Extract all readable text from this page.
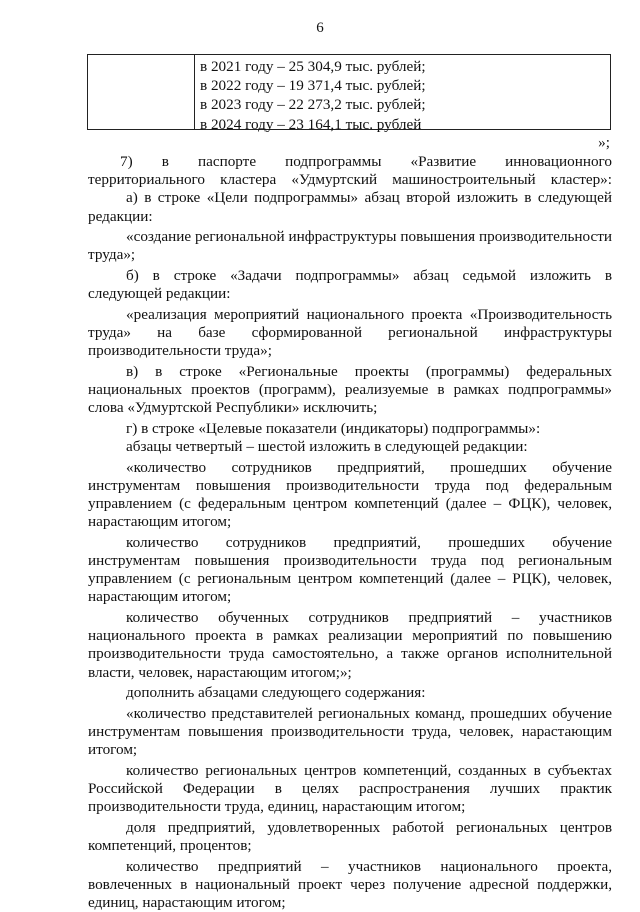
6
в 2021 году – 25 304,9 тыс. рублей;
в 2022 году – 19 371,4 тыс. рублей;
в 2023 году – 22 273,2 тыс. рублей;
в 2024 году – 23 164,1 тыс. рублей
»;
7) в паспорте подпрограммы «Развитие инновационного
территориального кластера «Удмуртский машиностроительный кластер»:
а) в строке «Цели подпрограммы» абзац второй изложить в следующей
редакции:
«создание региональной инфраструктуры повышения производительности
труда»;
б) в строке «Задачи подпрограммы» абзац седьмой изложить в
следующей редакции:
«реализация мероприятий национального проекта «Производительность
труда» на базе сформированной региональной инфраструктуры
производительности труда»;
в) в строке «Региональные проекты (программы) федеральных
национальных проектов (программ), реализуемые в рамках подпрограммы»
слова «Удмуртской Республики» исключить;
г) в строке «Целевые показатели (индикаторы) подпрограммы»:
абзацы четвертый – шестой изложить в следующей редакции:
«количество сотрудников предприятий, прошедших обучение
инструментам повышения производительности труда под федеральным
управлением (с федеральным центром компетенций (далее – ФЦК), человек,
нарастающим итогом;
количество сотрудников предприятий, прошедших обучение
инструментам повышения производительности труда под региональным
управлением (с региональным центром компетенций (далее – РЦК), человек,
нарастающим итогом;
количество обученных сотрудников предприятий – участников
национального проекта в рамках реализации мероприятий по повышению
производительности труда самостоятельно, а также органов исполнительной
власти, человек, нарастающим итогом;»;
дополнить абзацами следующего содержания:
«количество представителей региональных команд, прошедших обучение
инструментам повышения производительности труда, человек, нарастающим
итогом;
количество региональных центров компетенций, созданных в субъектах
Российской Федерации в целях распространения лучших практик
производительности труда, единиц, нарастающим итогом;
доля предприятий, удовлетворенных работой региональных центров
компетенций, процентов;
количество предприятий – участников национального проекта,
вовлеченных в национальный проект через получение адресной поддержки,
единиц, нарастающим итогом;
